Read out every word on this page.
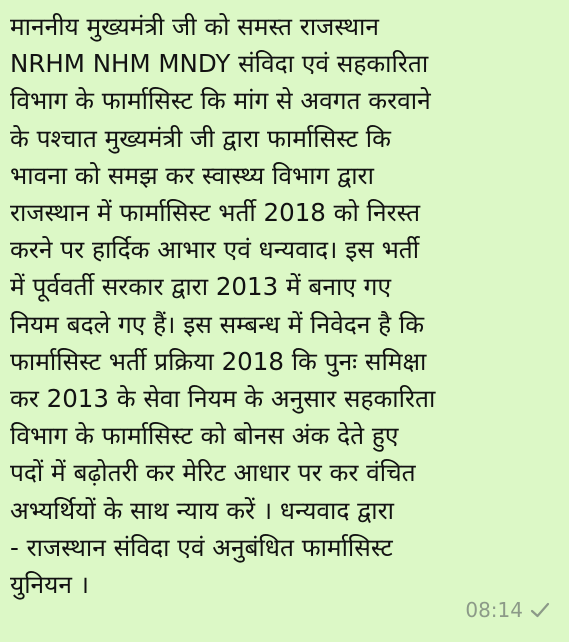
माननीय मुख्यमंत्री जी को समस्त राजस्थान
NRHM NHM MNDY संविदा एवं सहकारिता
विभाग के फार्मासिस्ट कि मांग से अवगत करवाने
के पश्चात मुख्यमंत्री जी द्वारा फार्मासिस्ट कि
भावना को समझ कर स्वास्थ्य विभाग द्वारा
राजस्थान में फार्मासिस्ट भर्ती 2018 को निरस्त
करने पर हार्दिक आभार एवं धन्यवाद। इस भर्ती
में पूर्ववर्ती सरकार द्वारा 2013 में बनाए गए
नियम बदले गए हैं। इस सम्बन्ध में निवेदन है कि
फार्मासिस्ट भर्ती प्रक्रिया 2018 कि पुनः समिक्षा
कर 2013 के सेवा नियम के अनुसार सहकारिता
विभाग के फार्मासिस्ट को बोनस अंक देते हुए
पदों में बढ़ोतरी कर मेरिट आधार पर कर वंचित
अभ्यर्थियों के साथ न्याय करें । धन्यवाद द्वारा
- राजस्थान संविदा एवं अनुबंधित फार्मासिस्ट
युनियन ।

08:14
